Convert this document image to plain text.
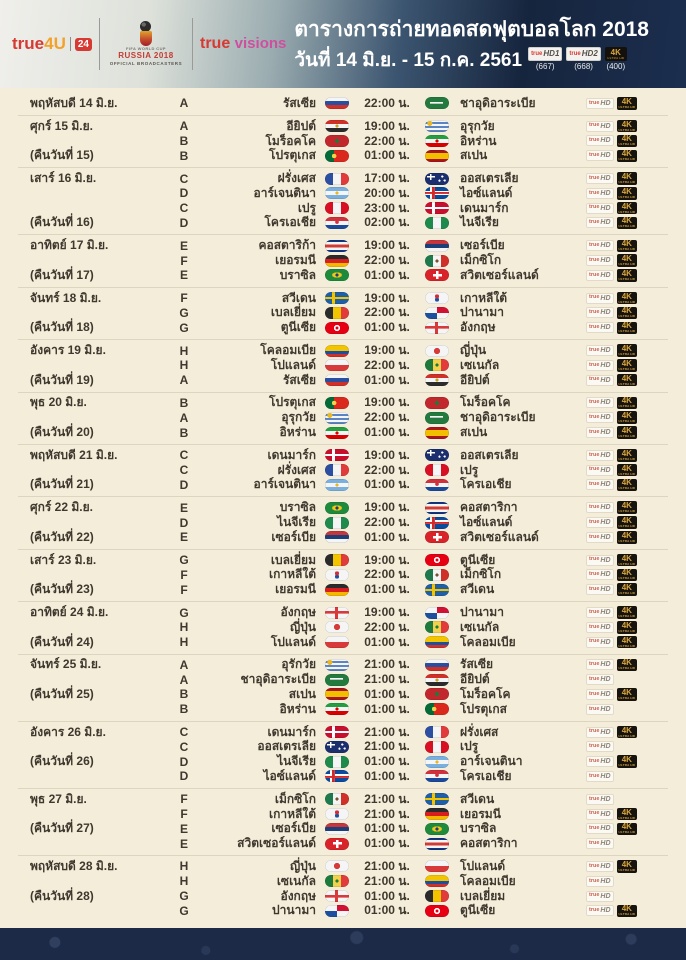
true 4U	24	FIFA WORLD CUP
RUSSIA 2018
OFFICIAL BROADCASTERS
true visions
ตารางการถ่ายทอดสดฟุตบอลโลก 2018
วันที่ 14 มิ.ย. - 15 ก.ค. 2561 true HD1
(667)
true HD2
(668)
4K
ULTRA HD
(400)
พฤหัสบดี 14 มิ.ย.	A	รัสเซีย	22:00 น.	ชาอุดิอาระเบีย	true HD 4K
ULTRA HD
ศุกร์ 15 มิ.ย.	A	อียิปต์	19:00 น.	อุรุกวัย	true HD 4K
ULTRA HD
B	โมร็อคโค	22:00 น.	อิหร่าน	true HD 4K
ULTRA HD
(คืนวันที่ 15)	B	โปรตุเกส	01:00 น.	สเปน	true HD 4K
ULTRA HD
เสาร์ 16 มิ.ย.	C	ฝรั่งเศส	17:00 น.	ออสเตรเลีย	true HD 4K
ULTRA HD
D	อาร์เจนตินา	20:00 น.	ไอซ์แลนด์	true HD 4K
ULTRA HD
C	เปรู	23:00 น.	เดนมาร์ก	true HD 4K
ULTRA HD
(คืนวันที่ 16)	D	โครเอเชีย	02:00 น.	ไนจีเรีย	true HD 4K
ULTRA HD
อาทิตย์ 17 มิ.ย.	E	คอสตาริก้า	19:00 น.	เซอร์เบีย	true HD 4K
ULTRA HD
F	เยอรมนี	22:00 น.	เม็กซิโก	true HD 4K
ULTRA HD
(คืนวันที่ 17)	E	บราซิล	01:00 น.	สวิตเซอร์แลนด์	true HD 4K
ULTRA HD
จันทร์ 18 มิ.ย.	F	สวีเดน	19:00 น.	เกาหลีใต้	true HD 4K
ULTRA HD
G	เบลเยี่ยม	22:00 น.	ปานามา	true HD 4K
ULTRA HD
(คืนวันที่ 18)	G	ตูนีเซีย	01:00 น.	อังกฤษ	true HD 4K
ULTRA HD
อังคาร 19 มิ.ย.	H	โคลอมเบีย	19:00 น.	ญี่ปุ่น	true HD 4K
ULTRA HD
H	โปแลนด์	22:00 น.	เซเนกัล	true HD 4K
ULTRA HD
(คืนวันที่ 19)	A	รัสเซีย	01:00 น.	อียิปต์	true HD 4K
ULTRA HD
พุธ 20 มิ.ย.	B	โปรตุเกส	19:00 น.	โมร็อคโค	true HD 4K
ULTRA HD
A	อุรุกวัย	22:00 น.	ชาอุดิอาระเบีย	true HD 4K
ULTRA HD
(คืนวันที่ 20)	B	อิหร่าน	01:00 น.	สเปน	true HD 4K
ULTRA HD
พฤหัสบดี 21 มิ.ย.	C	เดนมาร์ก	19:00 น.	ออสเตรเลีย	true HD 4K
ULTRA HD
C	ฝรั่งเศส	22:00 น.	เปรู	true HD 4K
ULTRA HD
(คืนวันที่ 21)	D	อาร์เจนตินา	01:00 น.	โครเอเชีย	true HD 4K
ULTRA HD
ศุกร์ 22 มิ.ย.	E	บราซิล	19:00 น.	คอสตาริกา	true HD 4K
ULTRA HD
D	ไนจีเรีย	22:00 น.	ไอซ์แลนด์	true HD 4K
ULTRA HD
(คืนวันที่ 22)	E	เซอร์เบีย	01:00 น.	สวิตเซอร์แลนด์	true HD 4K
ULTRA HD
เสาร์ 23 มิ.ย.	G	เบลเยี่ยม	19:00 น.	ตูนีเซีย	true HD 4K
ULTRA HD
F	เกาหลีใต้	22:00 น.	เม็กซิโก	true HD 4K
ULTRA HD
(คืนวันที่ 23)	F	เยอรมนี	01:00 น.	สวีเดน	true HD 4K
ULTRA HD
อาทิตย์ 24 มิ.ย.	G	อังกฤษ	19:00 น.	ปานามา	true HD 4K
ULTRA HD
H	ญี่ปุ่น	22:00 น.	เซเนกัล	true HD 4K
ULTRA HD
(คืนวันที่ 24)	H	โปแลนด์	01:00 น.	โคลอมเบีย	true HD 4K
ULTRA HD
จันทร์ 25 มิ.ย.	A	อุรักวัย	21:00 น.	รัสเซีย	true HD 4K
ULTRA HD
A	ชาอุดิอาระเบีย	21:00 น.	อียิปต์	true HD
(คืนวันที่ 25)	B	สเปน	01:00 น.	โมร็อคโค	true HD 4K
ULTRA HD
B	อิหร่าน	01:00 น.	โปรตุเกส	true HD
อังคาร 26 มิ.ย.	C	เดนมาร์ก	21:00 น.	ฝรั่งเศส	true HD 4K
ULTRA HD
C	ออสเตรเลีย	21:00 น.	เปรู	true HD
(คืนวันที่ 26)	D	ไนจีเรีย	01:00 น.	อาร์เจนตินา	true HD 4K
ULTRA HD
D	ไอซ์แลนด์	01:00 น.	โครเอเชีย	true HD
พุธ 27 มิ.ย.	F	เม็กซิโก	21:00 น.	สวีเดน	true HD
F	เกาหลีใต้	21:00 น.	เยอรมนี	true HD 4K
ULTRA HD
(คืนวันที่ 27)	E	เซอร์เบีย	01:00 น.	บราซิล	true HD 4K
ULTRA HD
E	สวิตเซอร์แลนด์	01:00 น.	คอสตาริกา	true HD
พฤหัสบดี 28 มิ.ย.	H	ญี่ปุ่น	21:00 น.	โปแลนด์	true HD 4K
ULTRA HD
H	เซเนกัล	21:00 น.	โคลอมเบีย	true HD
(คืนวันที่ 28)	G	อังกฤษ	01:00 น.	เบลเยี่ยม	true HD
G	ปานามา	01:00 น.	ตูนีเซีย	true HD 4K
ULTRA HD
